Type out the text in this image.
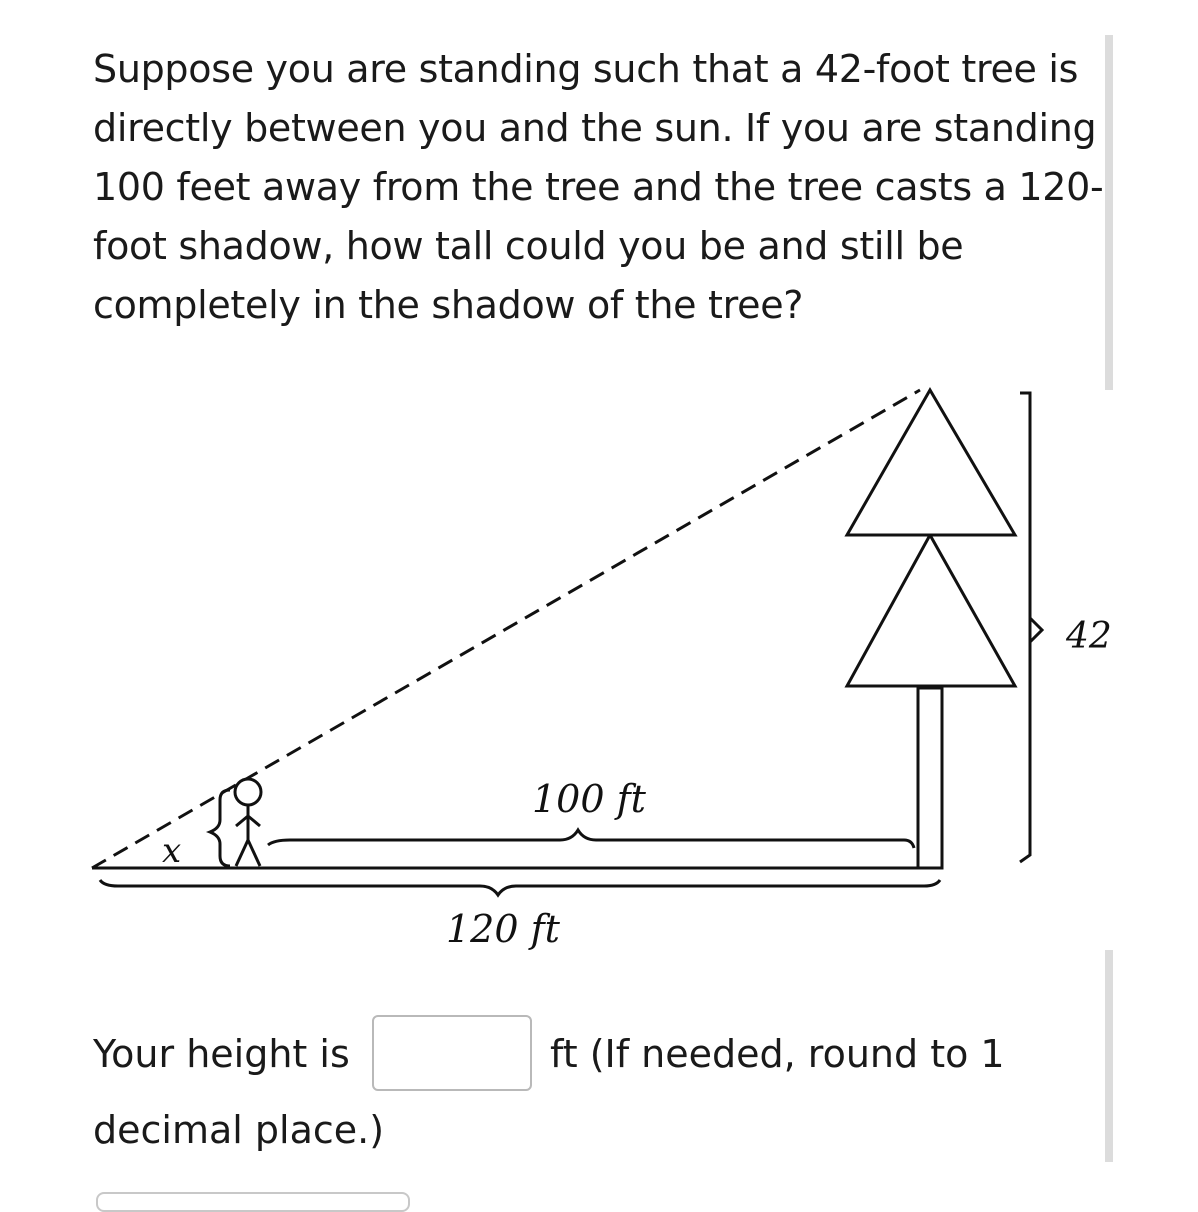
Suppose you are standing such that a 42-foot tree is directly between you and the sun. If you are standing 100 feet away from the tree and the tree casts a 120-foot shadow, how tall could you be and still be completely in the shadow of the tree?
42
100 ft
120 ft
x
Your height is	ft (If needed, round to 1
decimal place.)
